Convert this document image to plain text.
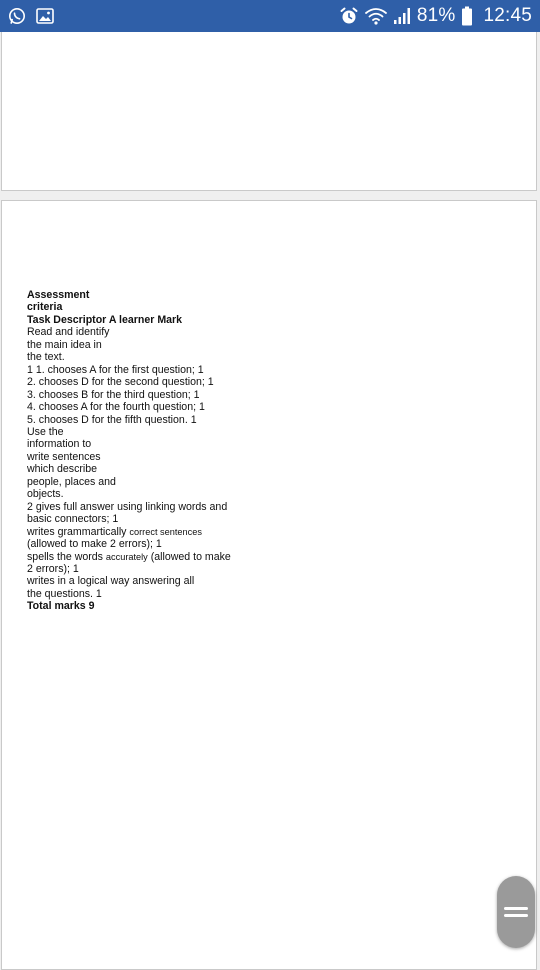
81% 12:45
Assessment
criteria
Task Descriptor A learner Mark
Read and identify
the main idea in
the text.
1 1. chooses A for the first question; 1
2. chooses D for the second question; 1
3. chooses B for the third question; 1
4. chooses A for the fourth question; 1
5. chooses D for the fifth question. 1
Use the
information to
write sentences
which describe
people, places and
objects.
2 gives full answer using linking words and
basic connectors; 1
writes grammartically correct sentences
(allowed to make 2 errors); 1
spells the words accurately (allowed to make
2 errors); 1
writes in a logical way answering all
the questions. 1
Total marks 9
